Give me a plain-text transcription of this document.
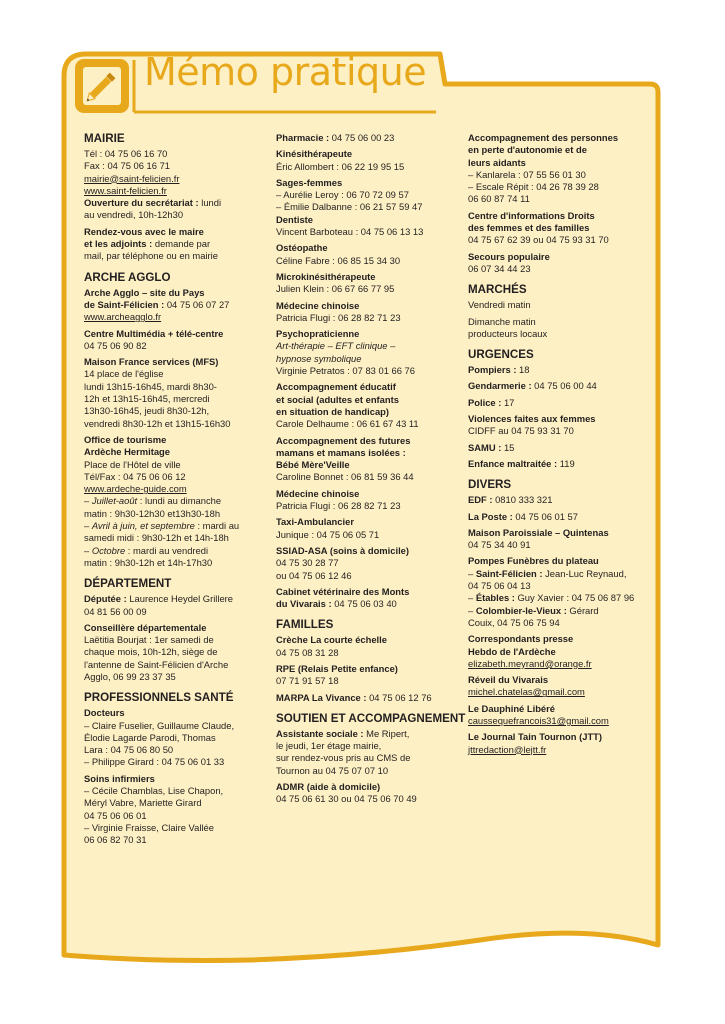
Mémo pratique
MAIRIE
Tél : 04 75 06 16 70
Fax : 04 75 06 16 71
mairie@saint-felicien.fr
www.saint-felicien.fr
Ouverture du secrétariat : lundi
au vendredi, 10h-12h30
Rendez-vous avec le maire
et les adjoints : demande par
mail, par téléphone ou en mairie
ARCHE AGGLO
Arche Agglo – site du Pays
de Saint-Félicien : 04 75 06 07 27
www.archeagglo.fr
Centre Multimédia + télé-centre
04 75 06 90 82
Maison France services (MFS)
14 place de l'église
lundi 13h15-16h45, mardi 8h30-
12h et 13h15-16h45, mercredi
13h30-16h45, jeudi 8h30-12h,
vendredi 8h30-12h et 13h15-16h30
Office de tourisme
Ardèche Hermitage
Place de l'Hôtel de ville
Tél/Fax : 04 75 06 06 12
www.ardeche-guide.com
– Juillet-août : lundi au dimanche
matin : 9h30-12h30 et13h30-18h
– Avril à juin, et septembre : mardi au
samedi midi : 9h30-12h et 14h-18h
– Octobre : mardi au vendredi
matin : 9h30-12h et 14h-17h30
DÉPARTEMENT
Députée : Laurence Heydel Grillere
04 81 56 00 09
Conseillère départementale
Laëtitia Bourjat : 1er samedi de
chaque mois, 10h-12h, siège de
l'antenne de Saint-Félicien d'Arche
Agglo, 06 99 23 37 35
PROFESSIONNELS SANTÉ
Docteurs
– Claire Fuselier, Guillaume Claude,
Élodie Lagarde Parodi, Thomas
Lara : 04 75 06 80 50
– Philippe Girard : 04 75 06 01 33
Soins infirmiers
– Cécile Chamblas, Lise Chapon,
Méryl Vabre, Mariette Girard
04 75 06 06 01
– Virginie Fraisse, Claire Vallée
06 06 82 70 31
Pharmacie : 04 75 06 00 23
Kinésithérapeute
Éric Allombert : 06 22 19 95 15
Sages-femmes
– Aurélie Leroy : 06 70 72 09 57
– Émilie Dalbanne : 06 21 57 59 47
Dentiste
Vincent Barboteau : 04 75 06 13 13
Ostéopathe
Céline Fabre : 06 85 15 34 30
Microkinésithérapeute
Julien Klein : 06 67 66 77 95
Médecine chinoise
Patricia Flugi : 06 28 82 71 23
Psychopraticienne
Art-thérapie – EFT clinique –
hypnose symbolique
Virginie Petratos : 07 83 01 66 76
Accompagnement éducatif
et social (adultes et enfants
en situation de handicap)
Carole Delhaume : 06 61 67 43 11
Accompagnement des futures
mamans et mamans isolées :
Bébé Mère'Veille
Caroline Bonnet : 06 81 59 36 44
Médecine chinoise
Patricia Flugi : 06 28 82 71 23
Taxi-Ambulancier
Junique : 04 75 06 05 71
SSIAD-ASA (soins à domicile)
04 75 30 28 77
ou 04 75 06 12 46
Cabinet vétérinaire des Monts
du Vivarais : 04 75 06 03 40
FAMILLES
Crèche La courte échelle
04 75 08 31 28
RPE (Relais Petite enfance)
07 71 91 57 18
MARPA La Vivance : 04 75 06 12 76
SOUTIEN ET ACCOMPAGNEMENT
Assistante sociale : Me Ripert,
le jeudi, 1er étage mairie,
sur rendez-vous pris au CMS de
Tournon au 04 75 07 07 10
ADMR (aide à domicile)
04 75 06 61 30 ou 04 75 06 70 49
Accompagnement des personnes
en perte d'autonomie et de
leurs aidants
– Kanlarela : 07 55 56 01 30
– Escale Répit : 04 26 78 39 28
06 60 87 74 11
Centre d'informations Droits
des femmes et des familles
04 75 67 62 39 ou 04 75 93 31 70
Secours populaire
06 07 34 44 23
MARCHÉS
Vendredi matin
Dimanche matin
producteurs locaux
URGENCES
Pompiers : 18
Gendarmerie : 04 75 06 00 44
Police : 17
Violences faites aux femmes
CIDFF au 04 75 93 31 70
SAMU : 15
Enfance maltraitée : 119
DIVERS
EDF : 0810 333 321
La Poste : 04 75 06 01 57
Maison Paroissiale – Quintenas
04 75 34 40 91
Pompes Funèbres du plateau
– Saint-Félicien : Jean-Luc Reynaud,
04 75 06 04 13
– Étables : Guy Xavier : 04 75 06 87 96
– Colombier-le-Vieux : Gérard
Couix, 04 75 06 75 94
Correspondants presse
Hebdo de l'Ardèche
elizabeth.meyrand@orange.fr
Réveil du Vivarais
michel.chatelas@gmail.com
Le Dauphiné Libéré
caussequefrancois31@gmail.com
Le Journal Tain Tournon (JTT)
jttredaction@lejtt.fr
